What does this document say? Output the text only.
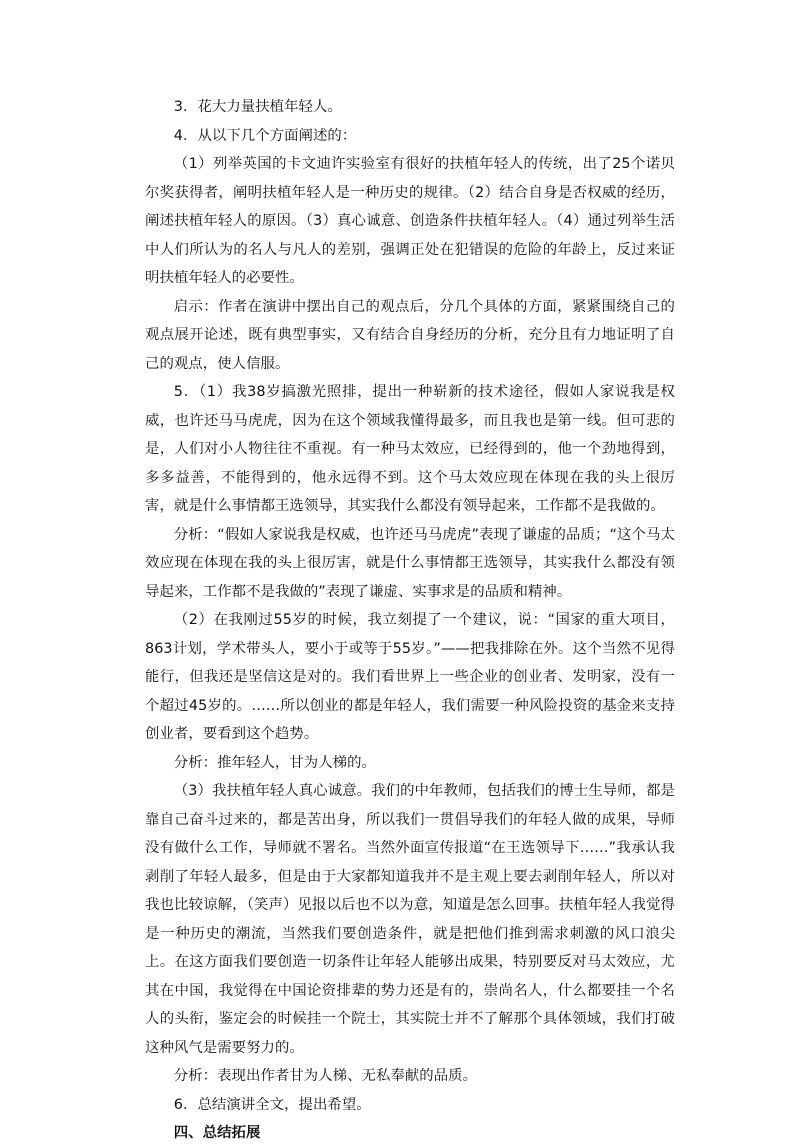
3．花大力量扶植年轻人。

4．从以下几个方面阐述的：

（1）列举英国的卡文迪许实验室有很好的扶植年轻人的传统，出了25个诺贝尔奖获得者，阐明扶植年轻人是一种历史的规律。（2）结合自身是否权威的经历，阐述扶植年轻人的原因。（3）真心诚意、创造条件扶植年轻人。（4）通过列举生活中人们所认为的名人与凡人的差别，强调正处在犯错误的危险的年龄上，反过来证明扶植年轻人的必要性。

启示：作者在演讲中摆出自己的观点后，分几个具体的方面，紧紧围绕自己的观点展开论述，既有典型事实，又有结合自身经历的分析，充分且有力地证明了自己的观点，使人信服。

5．（1）我38岁搞激光照排，提出一种崭新的技术途径，假如人家说我是权威，也许还马马虎虎，因为在这个领域我懂得最多，而且我也是第一线。但可悲的是，人们对小人物往往不重视。有一种马太效应，已经得到的，他一个劲地得到，多多益善，不能得到的，他永远得不到。这个马太效应现在体现在我的头上很厉害，就是什么事情都王选领导，其实我什么都没有领导起来，工作都不是我做的。

分析：“假如人家说我是权威，也许还马马虎虎”表现了谦虚的品质；“这个马太效应现在体现在我的头上很厉害，就是什么事情都王选领导，其实我什么都没有领导起来，工作都不是我做的”表现了谦虚、实事求是的品质和精神。

（2）在我刚过55岁的时候，我立刻提了一个建议，说：“国家的重大项目，863计划，学术带头人，要小于或等于55岁。”——把我排除在外。这个当然不见得能行，但我还是坚信这是对的。我们看世界上一些企业的创业者、发明家，没有一个超过45岁的。……所以创业的都是年轻人，我们需要一种风险投资的基金来支持创业者，要看到这个趋势。

分析：推年轻人，甘为人梯的。

（3）我扶植年轻人真心诚意。我们的中年教师，包括我们的博士生导师，都是靠自己奋斗过来的，都是苦出身，所以我们一贯倡导我们的年轻人做的成果，导师没有做什么工作，导师就不署名。当然外面宣传报道“在王选领导下……”我承认我剥削了年轻人最多，但是由于大家都知道我并不是主观上要去剥削年轻人，所以对我也比较谅解，（笑声）见报以后也不以为意，知道是怎么回事。扶植年轻人我觉得是一种历史的潮流，当然我们要创造条件，就是把他们推到需求刺激的风口浪尖上。在这方面我们要创造一切条件让年轻人能够出成果，特别要反对马太效应，尤其在中国，我觉得在中国论资排辈的势力还是有的，崇尚名人，什么都要挂一个名人的头衔，鉴定会的时候挂一个院士，其实院士并不了解那个具体领域，我们打破这种风气是需要努力的。

分析：表现出作者甘为人梯、无私奉献的品质。

6．总结演讲全文，提出希望。

四、总结拓展
